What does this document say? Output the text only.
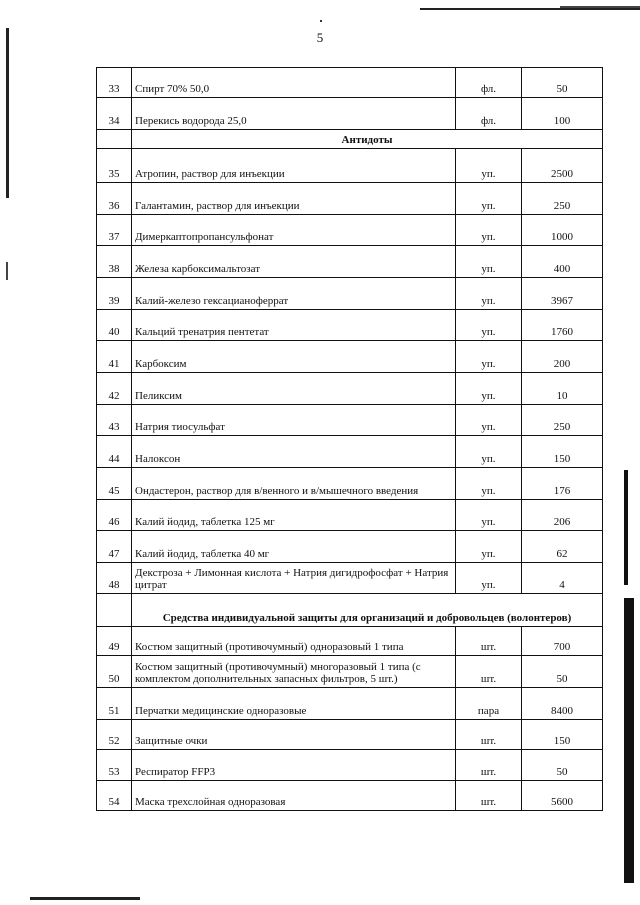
5
33	Спирт 70% 50,0	фл.	50
34	Перекись водорода 25,0	фл.	100
	Антидоты		
35	Атропин, раствор для инъекции	уп.	2500
36	Галантамин, раствор для инъекции	уп.	250
37	Димеркаптопропансульфонат	уп.	1000
38	Железа карбоксимальтозат	уп.	400
39	Калий-железо гексацианоферрат	уп.	3967
40	Кальций тренатрия пентетат	уп.	1760
41	Карбоксим	уп.	200
42	Пеликсим	уп.	10
43	Натрия тиосульфат	уп.	250
44	Налоксон	уп.	150
45	Ондастерон, раствор для в/венного и в/мышечного введения	уп.	176
46	Калий йодид, таблетка 125 мг	уп.	206
47	Калий йодид, таблетка 40 мг	уп.	62
48	Декстроза + Лимонная кислота + Натрия дигидрофосфат + Натрия цитрат	уп.	4
	Средства индивидуальной защиты для организаций и добровольцев (волонтеров)		
49	Костюм защитный (противочумный) одноразовый 1 типа	шт.	700
50	Костюм защитный (противочумный) многоразовый 1 типа (с комплектом дополнительных запасных фильтров, 5 шт.)	шт.	50
51	Перчатки медицинские одноразовые	пара	8400
52	Защитные очки	шт.	150
53	Респиратор FFP3	шт.	50
54	Маска трехслойная одноразовая	шт.	5600
